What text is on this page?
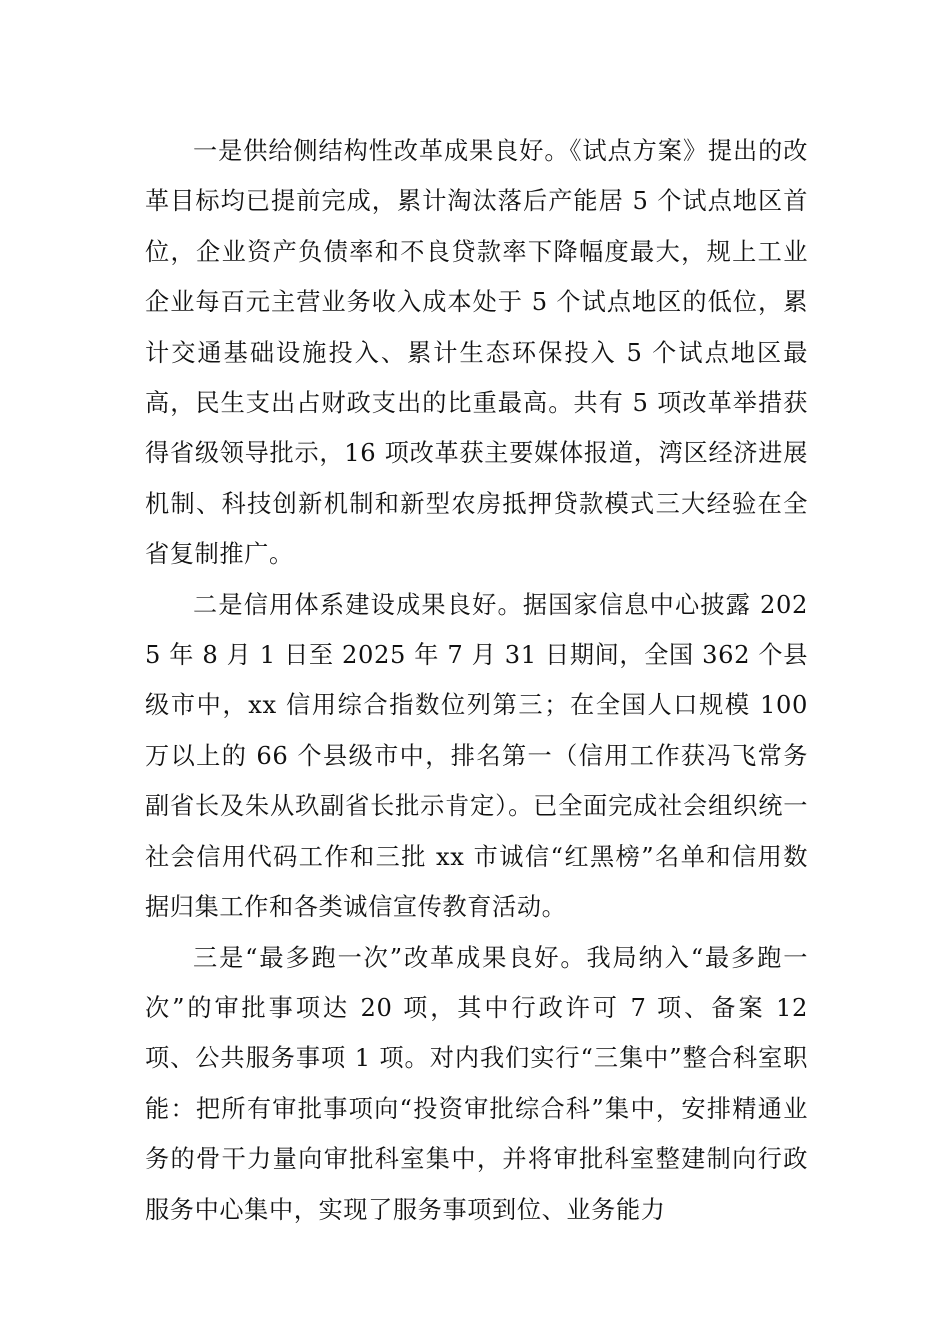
一是供给侧结构性改革成果良好。《试点方案》提出的改革目标均已提前完成，累计淘汰落后产能居 5 个试点地区首位，企业资产负债率和不良贷款率下降幅度最大，规上工业企业每百元主营业务收入成本处于 5 个试点地区的低位，累计交通基础设施投入、累计生态环保投入 5 个试点地区最高，民生支出占财政支出的比重最高。共有 5 项改革举措获得省级领导批示，16 项改革获主要媒体报道，湾区经济进展机制、科技创新机制和新型农房抵押贷款模式三大经验在全省复制推广。

二是信用体系建设成果良好。据国家信息中心披露 2025 年 8 月 1 日至 2025 年 7 月 31 日期间，全国 362 个县级市中，xx 信用综合指数位列第三；在全国人口规模 100 万以上的 66 个县级市中，排名第一（信用工作获冯飞常务副省长及朱从玖副省长批示肯定）。已全面完成社会组织统一社会信用代码工作和三批 xx 市诚信“红黑榜”名单和信用数据归集工作和各类诚信宣传教育活动。

三是“最多跑一次”改革成果良好。我局纳入“最多跑一次”的审批事项达 20 项，其中行政许可 7 项、备案 12 项、公共服务事项 1 项。对内我们实行“三集中”整合科室职能：把所有审批事项向“投资审批综合科”集中，安排精通业务的骨干力量向审批科室集中，并将审批科室整建制向行政服务中心集中，实现了服务事项到位、业务能力
